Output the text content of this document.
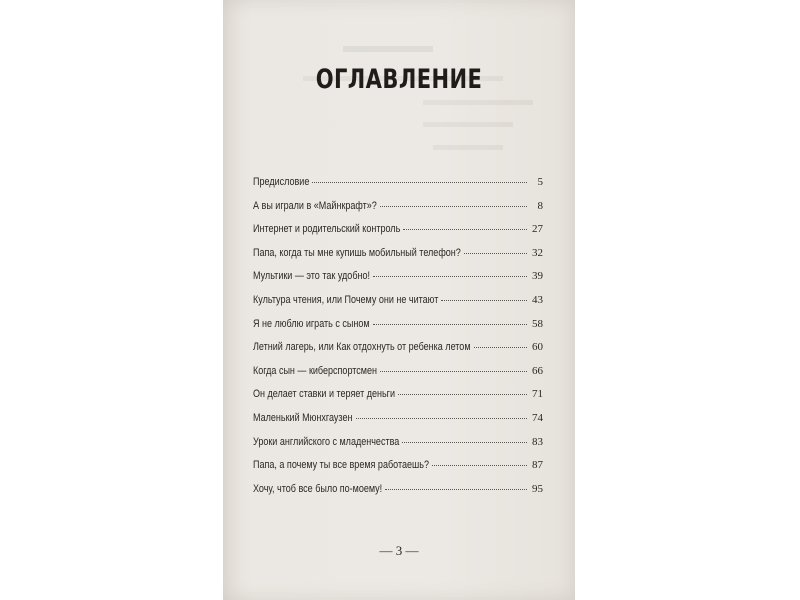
ОГЛАВЛЕНИЕ
Предисловие	5
А вы играли в «Майнкрафт»?	8
Интернет и родительский контроль	27
Папа, когда ты мне купишь мобильный телефон?	32
Мультики — это так удобно!	39
Культура чтения, или Почему они не читают	43
Я не люблю играть с сыном	58
Летний лагерь, или Как отдохнуть от ребенка летом	60
Когда сын — киберспортсмен	66
Он делает ставки и теряет деньги	71
Маленький Мюнхгаузен	74
Уроки английского с младенчества	83
Папа, а почему ты все время работаешь?	87
Хочу, чтоб все было по-моему!	95
— 3 —
